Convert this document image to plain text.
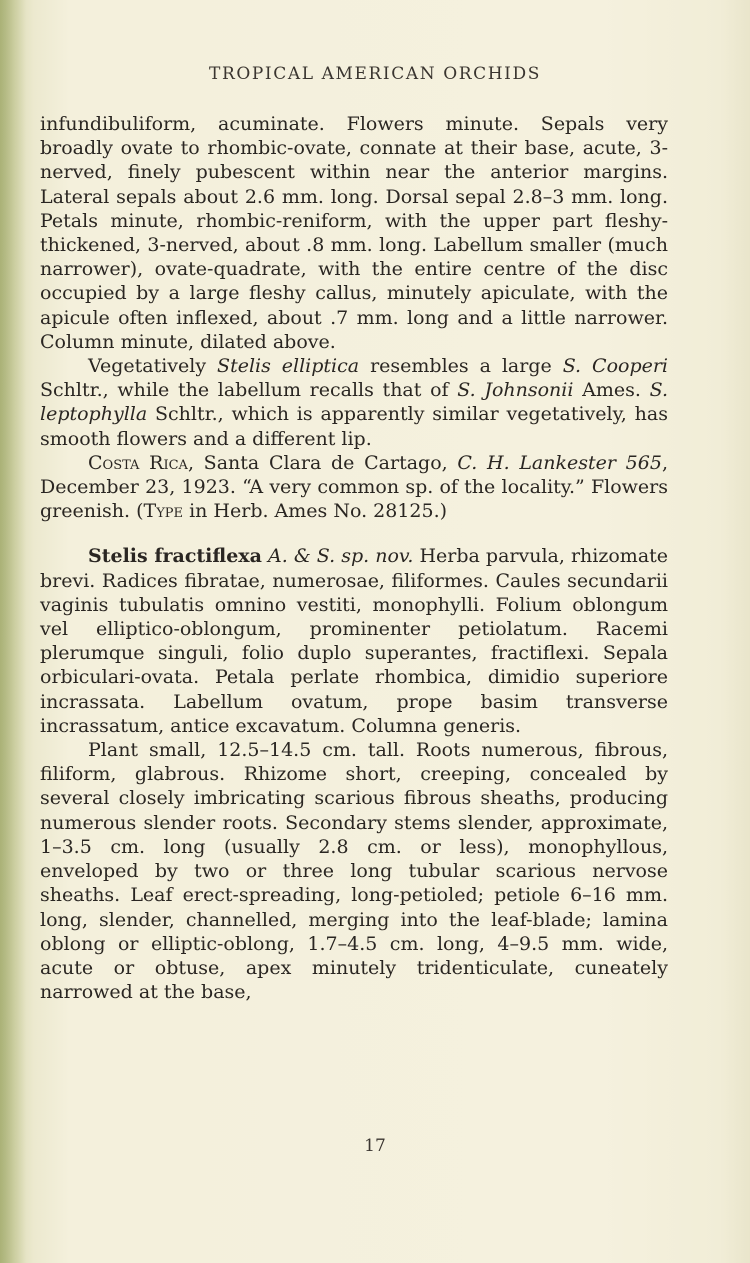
TROPICAL AMERICAN ORCHIDS

infundibuliform, acuminate. Flowers minute. Sepals very broadly ovate to rhombic-ovate, connate at their base, acute, 3-nerved, finely pubescent within near the anterior margins. Lateral sepals about 2.6 mm. long. Dorsal sepal 2.8–3 mm. long. Petals minute, rhombic-reniform, with the upper part fleshy-thickened, 3-nerved, about .8 mm. long. Labellum smaller (much narrower), ovate-quadrate, with the entire centre of the disc occupied by a large fleshy callus, minutely apiculate, with the apicule often inflexed, about .7 mm. long and a little narrower. Column minute, dilated above.

Vegetatively Stelis elliptica resembles a large S. Cooperi Schltr., while the labellum recalls that of S. Johnsonii Ames. S. leptophylla Schltr., which is apparently similar vegetatively, has smooth flowers and a different lip.

Costa Rica, Santa Clara de Cartago, C. H. Lankester 565, December 23, 1923. “A very common sp. of the locality.” Flowers greenish. (Type in Herb. Ames No. 28125.)

Stelis fractiflexa A. & S. sp. nov. Herba parvula, rhizomate brevi. Radices fibratae, numerosae, filiformes. Caules secundarii vaginis tubulatis omnino vestiti, monophylli. Folium oblongum vel elliptico-oblongum, prominenter petiolatum. Racemi plerumque singuli, folio duplo superantes, fractiflexi. Sepala orbiculari-ovata. Petala perlate rhombica, dimidio superiore incrassata. Labellum ovatum, prope basim transverse incrassatum, antice excavatum. Columna generis.

Plant small, 12.5–14.5 cm. tall. Roots numerous, fibrous, filiform, glabrous. Rhizome short, creeping, concealed by several closely imbricating scarious fibrous sheaths, producing numerous slender roots. Secondary stems slender, approximate, 1–3.5 cm. long (usually 2.8 cm. or less), monophyllous, enveloped by two or three long tubular scarious nervose sheaths. Leaf erect-spreading, long-petioled; petiole 6–16 mm. long, slender, channelled, merging into the leaf-blade; lamina oblong or elliptic-oblong, 1.7–4.5 cm. long, 4–9.5 mm. wide, acute or obtuse, apex minutely tridenticulate, cuneately narrowed at the base,

17
